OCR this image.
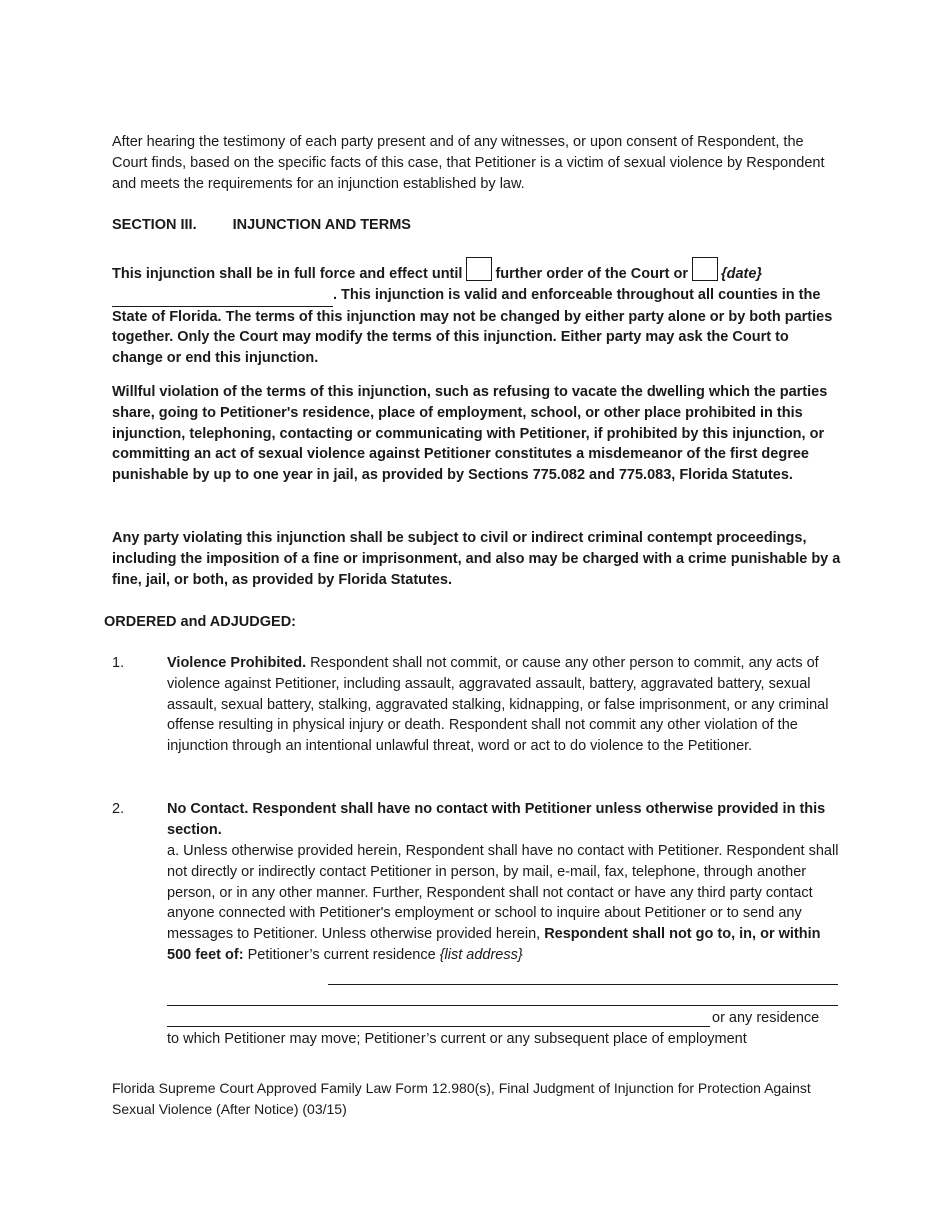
After hearing the testimony of each party present and of any witnesses, or upon consent of Respondent, the Court finds, based on the specific facts of this case, that Petitioner is a victim of sexual violence by Respondent and meets the requirements for an injunction established by law.
SECTION III. INJUNCTION AND TERMS
This injunction shall be in full force and effect until further order of the Court or {date}
. This injunction is valid and enforceable throughout all counties in the State of Florida. The terms of this injunction may not be changed by either party alone or by both parties together. Only the Court may modify the terms of this injunction. Either party may ask the Court to change or end this injunction.
Willful violation of the terms of this injunction, such as refusing to vacate the dwelling which the parties share, going to Petitioner's residence, place of employment, school, or other place prohibited in this injunction, telephoning, contacting or communicating with Petitioner, if prohibited by this injunction, or committing an act of sexual violence against Petitioner constitutes a misdemeanor of the first degree punishable by up to one year in jail, as provided by Sections 775.082 and 775.083, Florida Statutes.
Any party violating this injunction shall be subject to civil or indirect criminal contempt proceedings, including the imposition of a fine or imprisonment, and also may be charged with a crime punishable by a fine, jail, or both, as provided by Florida Statutes.
ORDERED and ADJUDGED:
1.	Violence Prohibited. Respondent shall not commit, or cause any other person to commit, any acts of violence against Petitioner, including assault, aggravated assault, battery, aggravated battery, sexual assault, sexual battery, stalking, aggravated stalking, kidnapping, or false imprisonment, or any criminal offense resulting in physical injury or death. Respondent shall not commit any other violation of the injunction through an intentional unlawful threat, word or act to do violence to the Petitioner.
2.	No Contact. Respondent shall have no contact with Petitioner unless otherwise provided in this section.
a. Unless otherwise provided herein, Respondent shall have no contact with Petitioner. Respondent shall not directly or indirectly contact Petitioner in person, by mail, e-mail, fax, telephone, through another person, or in any other manner. Further, Respondent shall not contact or have any third party contact anyone connected with Petitioner's employment or school to inquire about Petitioner or to send any messages to Petitioner. Unless otherwise provided herein, Respondent shall not go to, in, or within 500 feet of: Petitioner’s current residence {list address}
or any residence
to which Petitioner may move; Petitioner’s current or any subsequent place of employment
Florida Supreme Court Approved Family Law Form 12.980(s), Final Judgment of Injunction for Protection Against Sexual Violence (After Notice) (03/15)
